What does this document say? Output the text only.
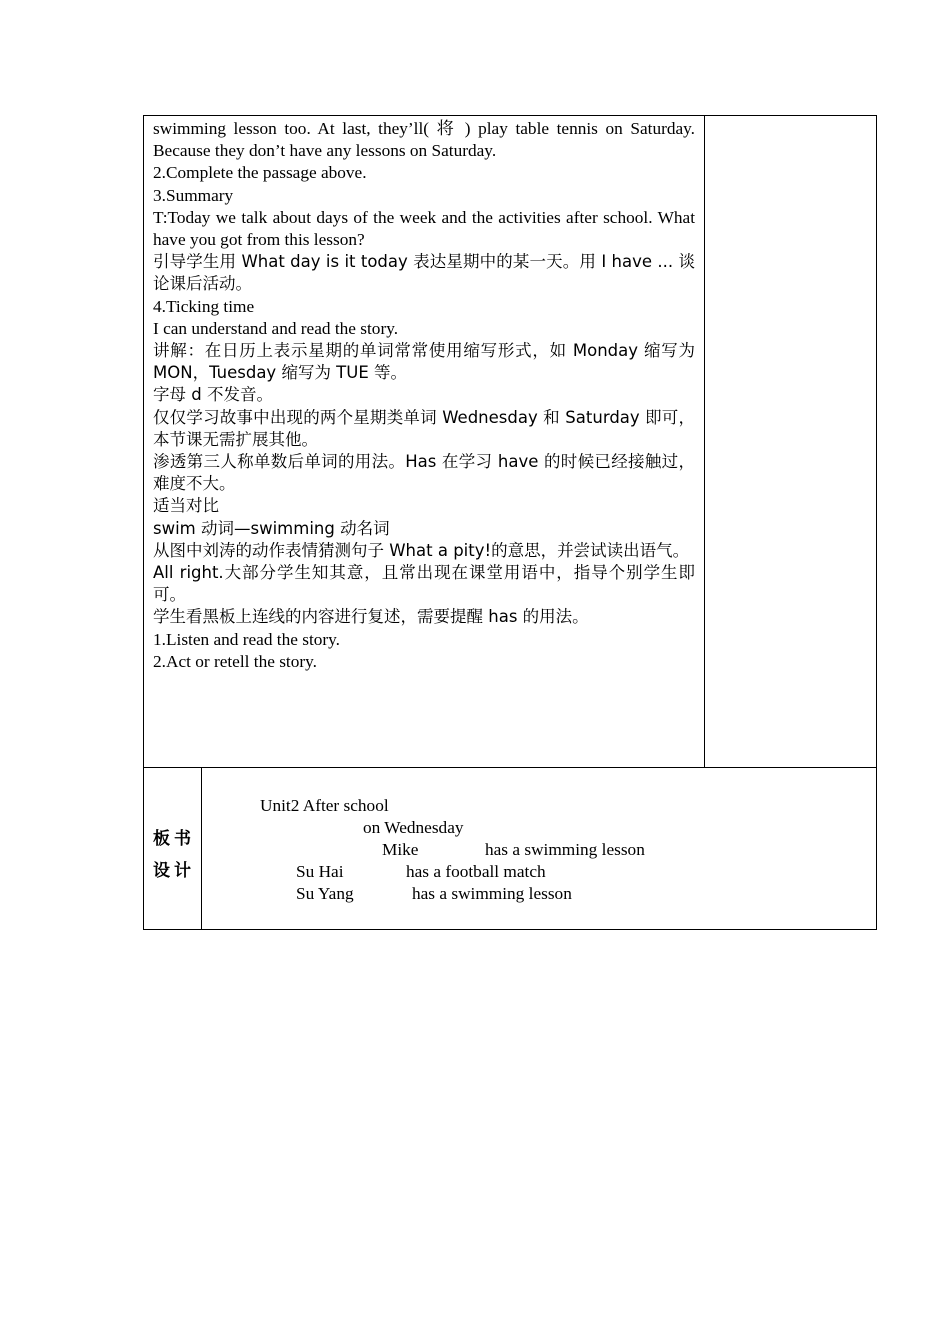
swimming lesson too. At last, they’ll( 将 ) play table tennis on Saturday. Because they don’t have any lessons on Saturday.

2.Complete the passage above.

3.Summary

T:Today we talk about days of the week and the activities after school. What have you got from this lesson?

引导学生用 What day is it today 表达星期中的某一天。用 I have ... 谈论课后活动。

4.Ticking time

I can understand and read the story.

讲解：在日历上表示星期的单词常常使用缩写形式，如 Monday 缩写为 MON，Tuesday 缩写为 TUE 等。

字母 d 不发音。

仅仅学习故事中出现的两个星期类单词 Wednesday 和 Saturday 即可，本节课无需扩展其他。

渗透第三人称单数后单词的用法。Has 在学习 have 的时候已经接触过，难度不大。

适当对比

swim 动词—swimming 动名词

从图中刘涛的动作表情猜测句子 What a pity!的意思，并尝试读出语气。

All right.大部分学生知其意，且常出现在课堂用语中，指导个别学生即可。

学生看黑板上连线的内容进行复述，需要提醒 has 的用法。

1.Listen and read the story.

2.Act or retell the story.

板书
设计
Unit2 After school
on Wednesday
Mike	has a swimming lesson
Su Hai	has a football match
Su Yang	has a swimming lesson
